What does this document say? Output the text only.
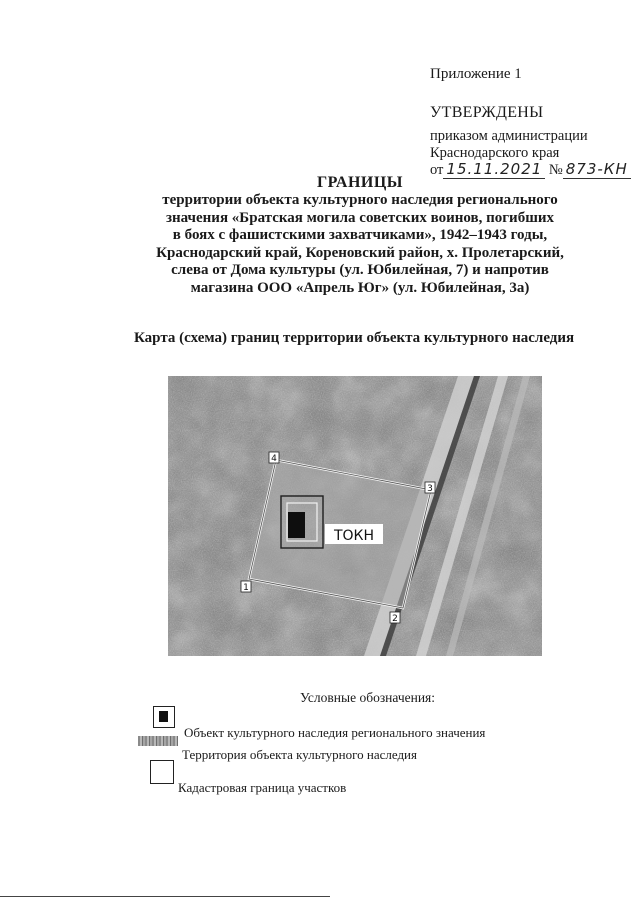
Приложение 1
УТВЕРЖДЕНЫ
приказом администрации
Краснодарского края
от 15.11.2021 № 873-КН
ГРАНИЦЫ
территории объекта культурного наследия регионального
значения «Братская могила советских воинов, погибших
в боях с фашистскими захватчиками», 1942–1943 годы,
Краснодарский край, Кореновский район, х. Пролетарский,
слева от Дома культуры (ул. Юбилейная, 7) и напротив
магазина ООО «Апрель Юг» (ул. Юбилейная, 3а)
Карта (схема) границ территории объекта культурного наследия
ТОКН
4
3
1
2
Условные обозначения:
Объект культурного наследия регионального значения
Территория объекта культурного наследия
Кадастровая граница участков
